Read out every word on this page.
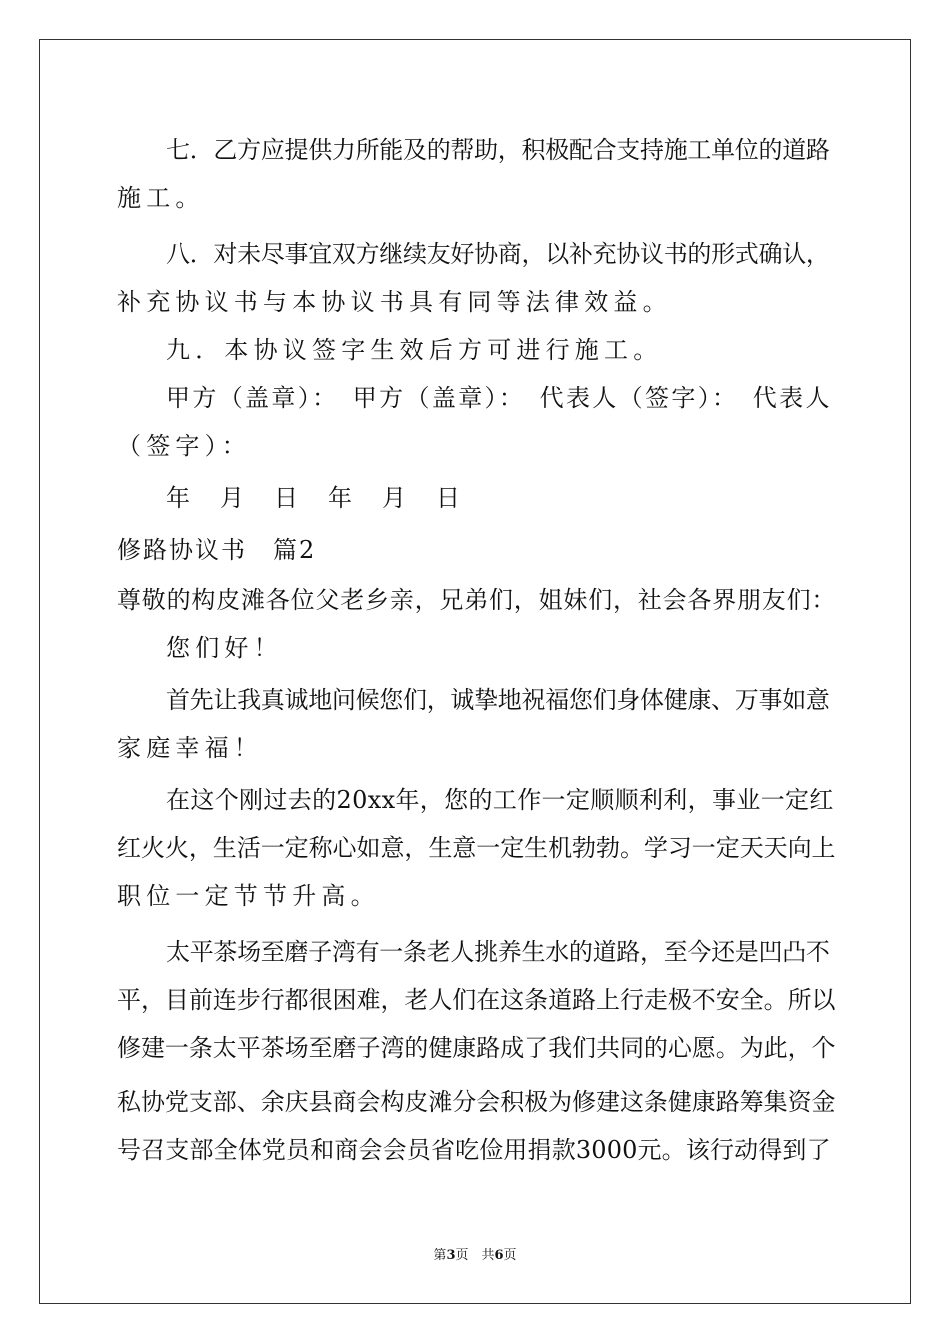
七．乙方应提供力所能及的帮助，积极配合支持施工单位的道路
施工。
八．对未尽事宜双方继续友好协商，以补充协议书的形式确认，
补充协议书与本协议书具有同等法律效益。
九．本协议签字生效后方可进行施工。
甲方（盖章）：　甲方（盖章）：　代表人（签字）：　代表人
（签字）：
年　月　日　年　月　日
修路协议书　篇2
尊敬的构皮滩各位父老乡亲，兄弟们，姐妹们，社会各界朋友们：
您们好！
首先让我真诚地问候您们，诚挚地祝福您们身体健康、万事如意
家庭幸福！
在这个刚过去的20xx年，您的工作一定顺顺利利，事业一定红
红火火，生活一定称心如意，生意一定生机勃勃。学习一定天天向上
职位一定节节升高。
太平茶场至磨子湾有一条老人挑养生水的道路，至今还是凹凸不
平，目前连步行都很困难，老人们在这条道路上行走极不安全。所以
修建一条太平茶场至磨子湾的健康路成了我们共同的心愿。为此，个
私协党支部、余庆县商会构皮滩分会积极为修建这条健康路筹集资金
号召支部全体党员和商会会员省吃俭用捐款3000元。该行动得到了
第3页　共6页
